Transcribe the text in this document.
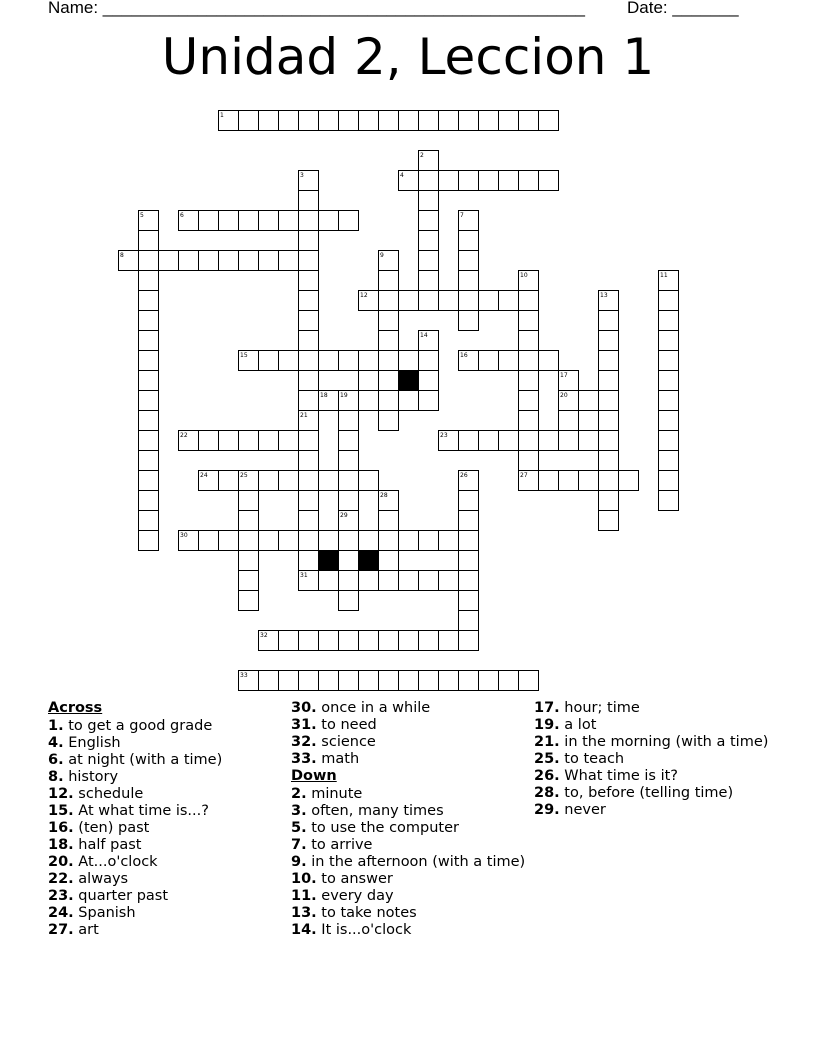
Name: ___________________________________________________ Date: _______
Unidad 2, Leccion 1
1
2
3	4
5	6	7
8	9
10	11
12	13
14
15	16
17
18 19	20
21
22	23
24	25	26	27
28
29
30
31
32
33
Across
1. to get a good grade
4. English
6. at night (with a time)
8. history
12. schedule
15. At what time is...?
16. (ten) past
18. half past
20. At...o'clock
22. always
23. quarter past
24. Spanish
27. art
30. once in a while
31. to need
32. science
33. math
Down
2. minute
3. often, many times
5. to use the computer
7. to arrive
9. in the afternoon (with a time)
10. to answer
11. every day
13. to take notes
14. It is...o'clock
17. hour; time
19. a lot
21. in the morning (with a time)
25. to teach
26. What time is it?
28. to, before (telling time)
29. never
